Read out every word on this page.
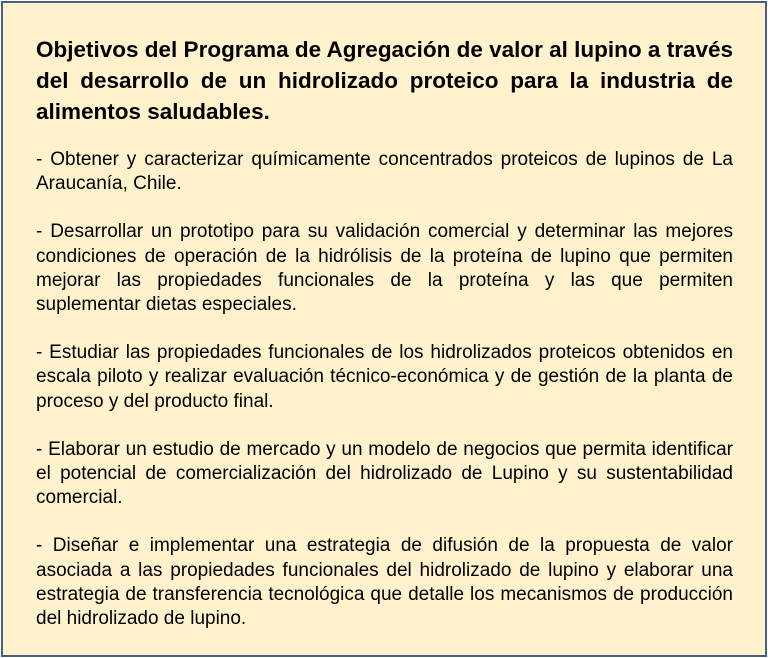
Objetivos del Programa de Agregación de valor al lupino a través del desarrollo de un hidrolizado proteico para la industria de alimentos saludables.
- Obtener y caracterizar químicamente concentrados proteicos de lupinos de La Araucanía, Chile.
- Desarrollar un prototipo para su validación comercial y determinar las mejores condiciones de operación de la hidrólisis de la proteína de lupino que permiten mejorar las propiedades funcionales de la proteína y las que permiten suplementar dietas especiales.
- Estudiar las propiedades funcionales de los hidrolizados proteicos obtenidos en escala piloto y realizar evaluación técnico-económica y de gestión de la planta de proceso y del producto final.
- Elaborar un estudio de mercado y un modelo de negocios que permita identificar el potencial de comercialización del hidrolizado de Lupino y su sustentabilidad comercial.
- Diseñar e implementar una estrategia de difusión de la propuesta de valor asociada a las propiedades funcionales del hidrolizado de lupino y elaborar una estrategia de transferencia tecnológica que detalle los mecanismos de producción del hidrolizado de lupino.
